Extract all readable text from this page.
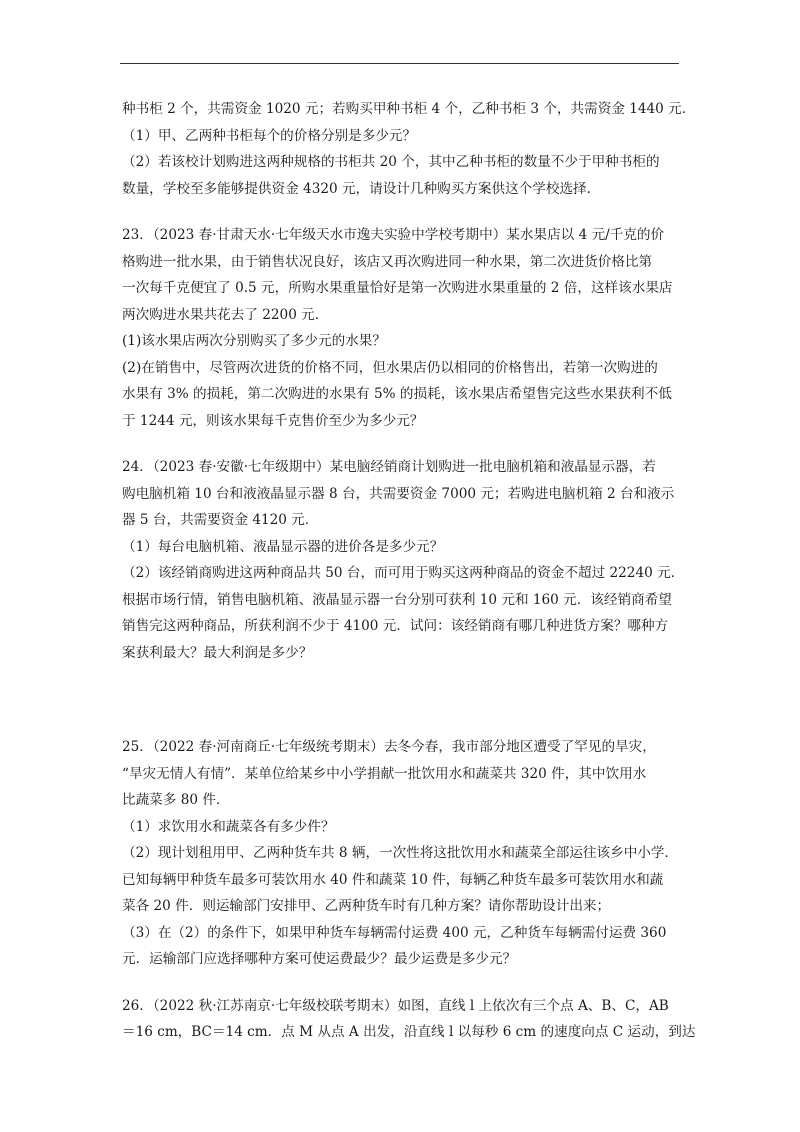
种书柜 2 个，共需资金 1020 元；若购买甲种书柜 4 个，乙种书柜 3 个，共需资金 1440 元．
（1）甲、乙两种书柜每个的价格分别是多少元？
（2）若该校计划购进这两种规格的书柜共 20 个，其中乙种书柜的数量不少于甲种书柜的
数量，学校至多能够提供资金 4320 元，请设计几种购买方案供这个学校选择．
23．（2023 春·甘肃天水·七年级天水市逸夫实验中学校考期中）某水果店以 4 元/千克的价
格购进一批水果，由于销售状况良好，该店又再次购进同一种水果，第二次进货价格比第
一次每千克便宜了 0.5 元，所购水果重量恰好是第一次购进水果重量的 2 倍，这样该水果店
两次购进水果共花去了 2200 元．
(1)该水果店两次分别购买了多少元的水果？
(2)在销售中，尽管两次进货的价格不同，但水果店仍以相同的价格售出，若第一次购进的
水果有 3% 的损耗，第二次购进的水果有 5% 的损耗，该水果店希望售完这些水果获利不低
于 1244 元，则该水果每千克售价至少为多少元？
24．（2023 春·安徽·七年级期中）某电脑经销商计划购进一批电脑机箱和液晶显示器，若
购电脑机箱 10 台和液液晶显示器 8 台，共需要资金 7000 元；若购进电脑机箱 2 台和液示
器 5 台，共需要资金 4120 元．
（1）每台电脑机箱、液晶显示器的进价各是多少元？
（2）该经销商购进这两种商品共 50 台，而可用于购买这两种商品的资金不超过 22240 元．
根据市场行情，销售电脑机箱、液晶显示器一台分别可获利 10 元和 160 元．该经销商希望
销售完这两种商品，所获利润不少于 4100 元．试问：该经销商有哪几种进货方案？哪种方
案获利最大？最大利润是多少？
25．（2022 春·河南商丘·七年级统考期末）去冬今春，我市部分地区遭受了罕见的旱灾，
“旱灾无情人有情”．某单位给某乡中小学捐献一批饮用水和蔬菜共 320 件，其中饮用水
比蔬菜多 80 件．
（1）求饮用水和蔬菜各有多少件？
（2）现计划租用甲、乙两种货车共 8 辆，一次性将这批饮用水和蔬菜全部运往该乡中小学．
已知每辆甲种货车最多可装饮用水 40 件和蔬菜 10 件，每辆乙种货车最多可装饮用水和蔬
菜各 20 件．则运输部门安排甲、乙两种货车时有几种方案？请你帮助设计出来；
（3）在（2）的条件下，如果甲种货车每辆需付运费 400 元，乙种货车每辆需付运费 360
元．运输部门应选择哪种方案可使运费最少？最少运费是多少元？
26．（2022 秋·江苏南京·七年级校联考期末）如图，直线 l 上依次有三个点 A、B、C，AB
＝16 cm，BC＝14 cm．点 M 从点 A 出发，沿直线 l 以每秒 6 cm 的速度向点 C 运动，到达
